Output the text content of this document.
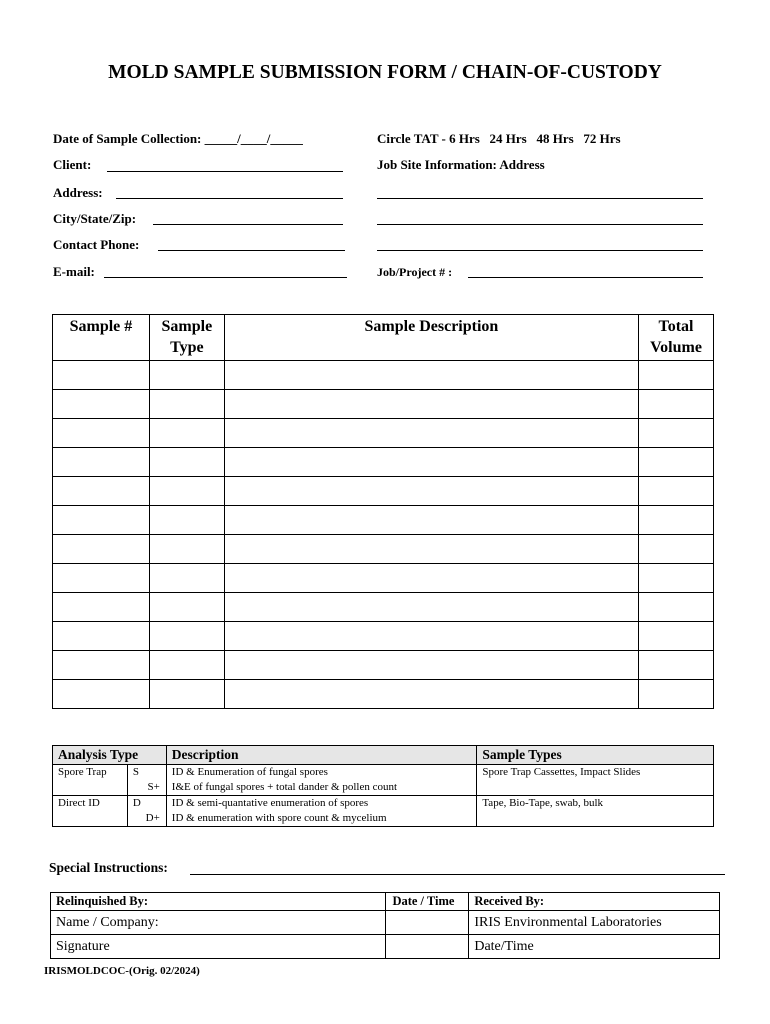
MOLD SAMPLE SUBMISSION FORM / CHAIN-OF-CUSTODY
Date of Sample Collection: _____/____/_____
Client:
Address:
City/State/Zip:
Contact Phone:
E-mail:
Circle TAT - 6 Hrs   24 Hrs   48 Hrs   72 Hrs
Job Site Information: Address
Job/Project # :
Sample #	Sample Type	Sample Description	Total Volume

Analysis Type		Description	Sample Types
Spore Trap	S	ID & Enumeration of fungal spores	Spore Trap Cassettes, Impact Slides
	S+	I&E of fungal spores + total dander & pollen count	
Direct ID	D	ID & semi-quantative enumeration of spores	Tape, Bio-Tape, swab, bulk
	D+	ID & enumeration with spore count & mycelium	
Special Instructions:
Relinquished By:	Date / Time	Received By:
Name / Company:		IRIS Environmental Laboratories
Signature		Date/Time
IRISMOLDCOC-(Orig. 02/2024)
